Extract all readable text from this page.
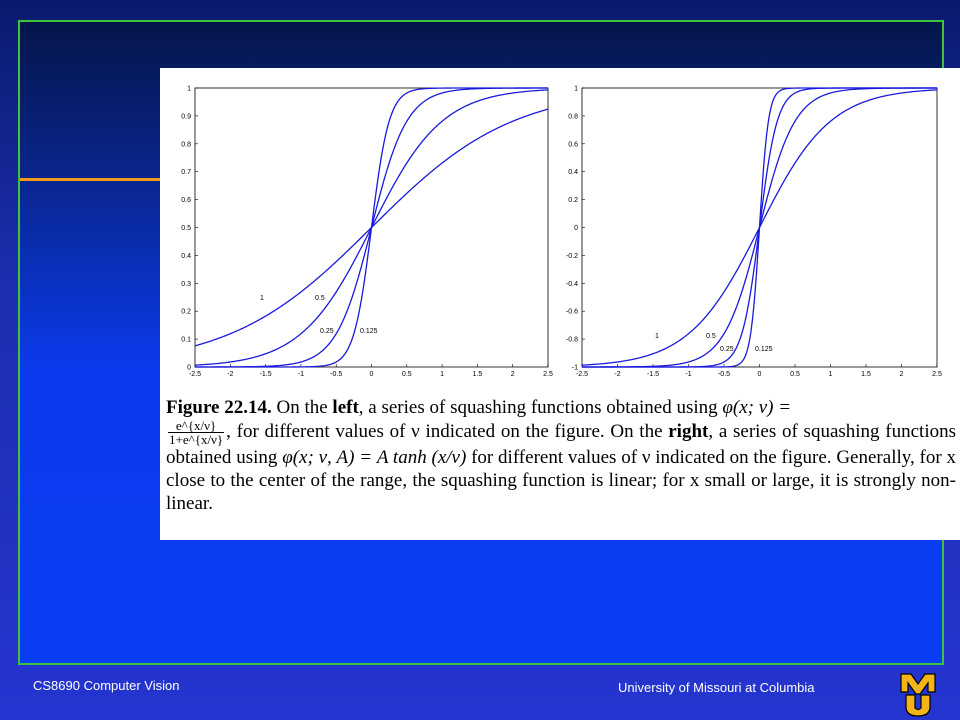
-2.5	-2	-1.5	-1	-0.5	0	0.5	1	1.5	2	2.5
0
0.1
0.2
0.3
0.4
0.5
0.6
0.7
0.8
0.9
1
1	0.5
0.25	0.125
-2.5	-2	-1.5	-1	-0.5	0	0.5	1	1.5	2	2.5
-1
-0.8
-0.6
-0.4
-0.2
0
0.2
0.4
0.6
0.8
1
1	0.5
0.25	0.125
Figure 22.14. On the left, a series of squashing functions obtained using φ(x; ν) =

$\frac{e\^{}\{x/\nu\}}{1+e\^{}\{x/\nu\}}$ , for different values of ν indicated on the figure. On the right, a series of squashing functions obtained using φ(x; ν, A) = A tanh (x/ν) for different values of ν indicated on the figure. Generally, for x close to the center of the range, the squashing function is linear; for x small or large, it is strongly non-linear.
CS8690 Computer Vision	University of Missouri at Columbia
